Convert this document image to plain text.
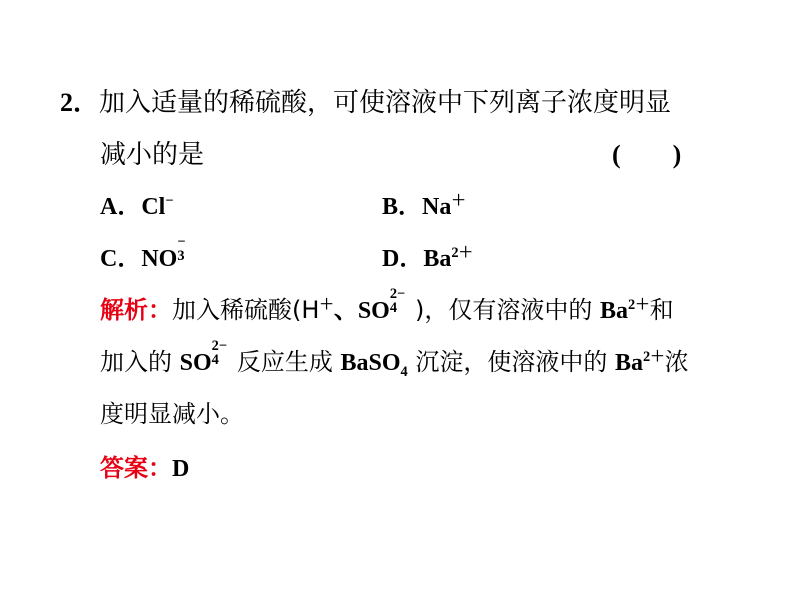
2．加入适量的稀硫酸，可使溶液中下列离子浓度明显
减小的是	(　　)
A．Cl−	B．Na＋
C．NO
−
3	D．$Ba^{2+}$
解析：加入稀硫酸(H＋、SO
2−
4 )，仅有溶液中的 $Ba^{2+}$和
加入的 SO
2−
4 反应生成 BaSO$_4$ 沉淀，使溶液中的 $Ba^{2+}$浓
度明显减小。
答案：D
